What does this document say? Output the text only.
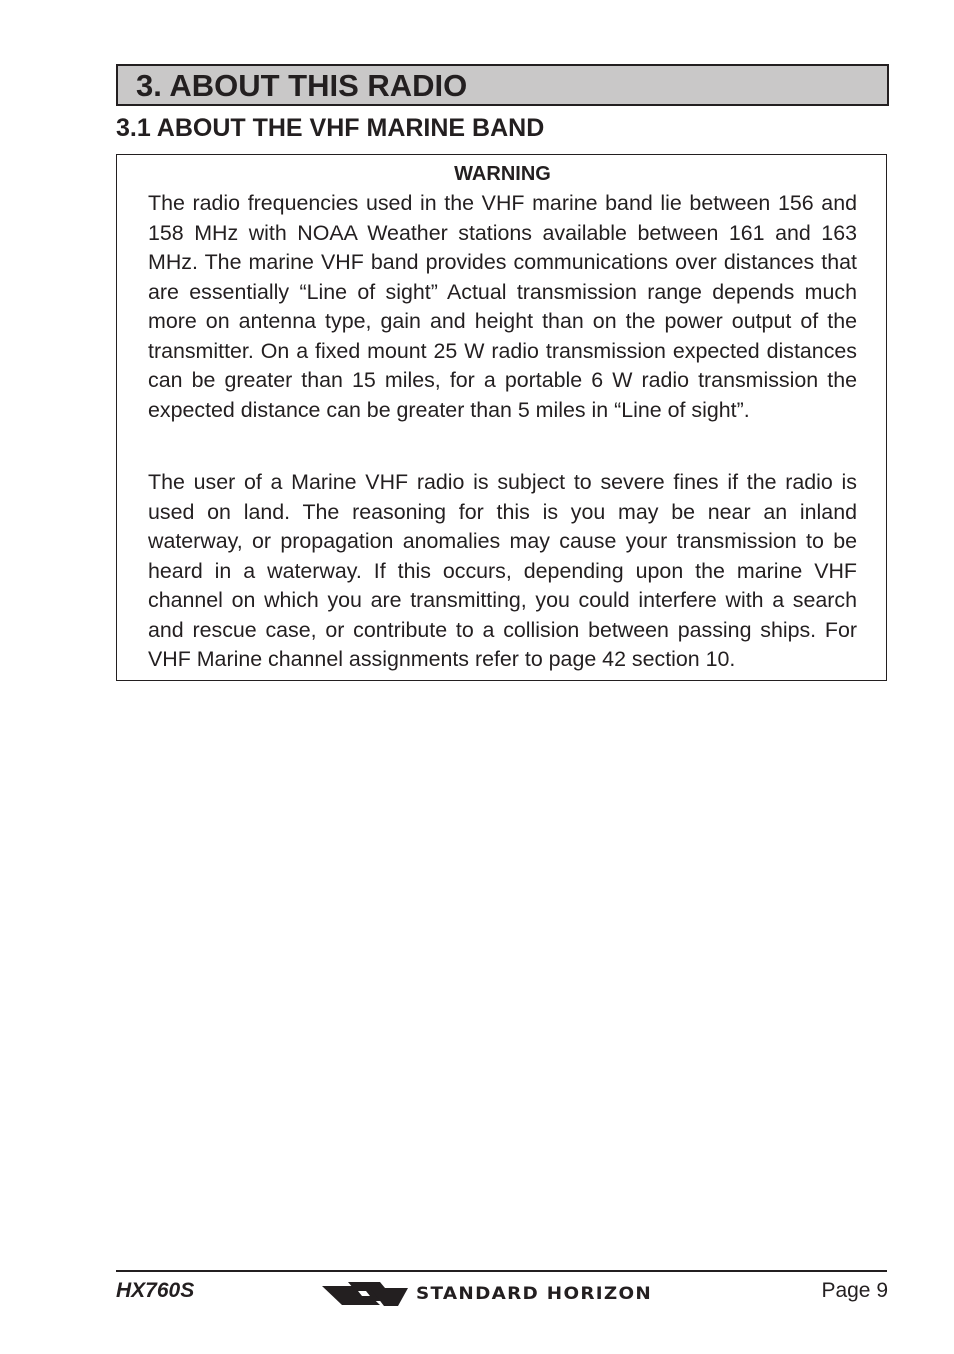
3. ABOUT THIS RADIO
3.1 ABOUT THE VHF MARINE BAND

WARNING

The radio frequencies used in the VHF marine band lie between 156 and 158 MHz with NOAA Weather stations available between 161 and 163 MHz. The marine VHF band provides communications over distances that are essentially “Line of sight” Actual transmission range depends much more on antenna type, gain and height than on the power output of the transmitter. On a fixed mount 25 W radio transmission expected distances can be greater than 15 miles, for a portable 6 W radio transmission the expected distance can be greater than 5 miles in “Line of sight”.

The user of a Marine VHF radio is subject to severe fines if the radio is used on land. The reasoning for this is you may be near an inland waterway, or propagation anomalies may cause your transmission to be heard in a waterway. If this occurs, depending upon the marine VHF channel on which you are transmitting, you could interfere with a search and rescue case, or contribute to a collision between passing ships. For VHF Marine channel assignments refer to page 42 section 10.

HX760S	STANDARD HORIZON	Page 9
